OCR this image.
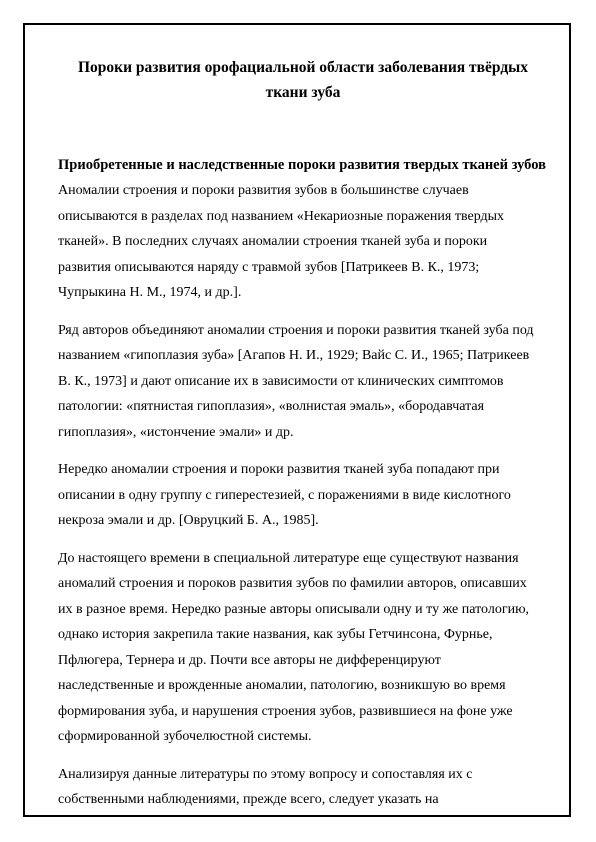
Пороки развития орофациальной области заболевания твёрдых
ткани зуба
Приобретенные и наследственные пороки развития твердых тканей зубов

Аномалии строения и пороки развития зубов в большинстве случаев
описываются в разделах под названием «Некариозные поражения твердых
тканей». В последних случаях аномалии строения тканей зуба и пороки
развития описываются наряду с травмой зубов [Патрикеев В. К., 1973;
Чупрыкина Н. М., 1974, и др.].

Ряд авторов объединяют аномалии строения и пороки развития тканей зуба под
названием «гипоплазия зуба» [Агапов Н. И., 1929; Вайс С. И., 1965; Патрикеев
В. К., 1973] и дают описание их в зависимости от клинических симптомов
патологии: «пятнистая гипоплазия», «волнистая эмаль», «бородавчатая
гипоплазия», «истончение эмали» и др.

Нередко аномалии строения и пороки развития тканей зуба попадают при
описании в одну группу с гиперестезией, с поражениями в виде кислотного
некроза эмали и др. [Овруцкий Б. А., 1985].

До настоящего времени в специальной литературе еще существуют названия
аномалий строения и пороков развития зубов по фамилии авторов, описавших
их в разное время. Нередко разные авторы описывали одну и ту же патологию,
однако история закрепила такие названия, как зубы Гетчинсона, Фурнье,
Пфлюгера, Тернера и др. Почти все авторы не дифференцируют
наследственные и врожденные аномалии, патологию, возникшую во время
формирования зуба, и нарушения строения зубов, развившиеся на фоне уже
сформированной зубочелюстной системы.

Анализируя данные литературы по этому вопросу и сопоставляя их с
собственными наблюдениями, прежде всего, следует указать на
